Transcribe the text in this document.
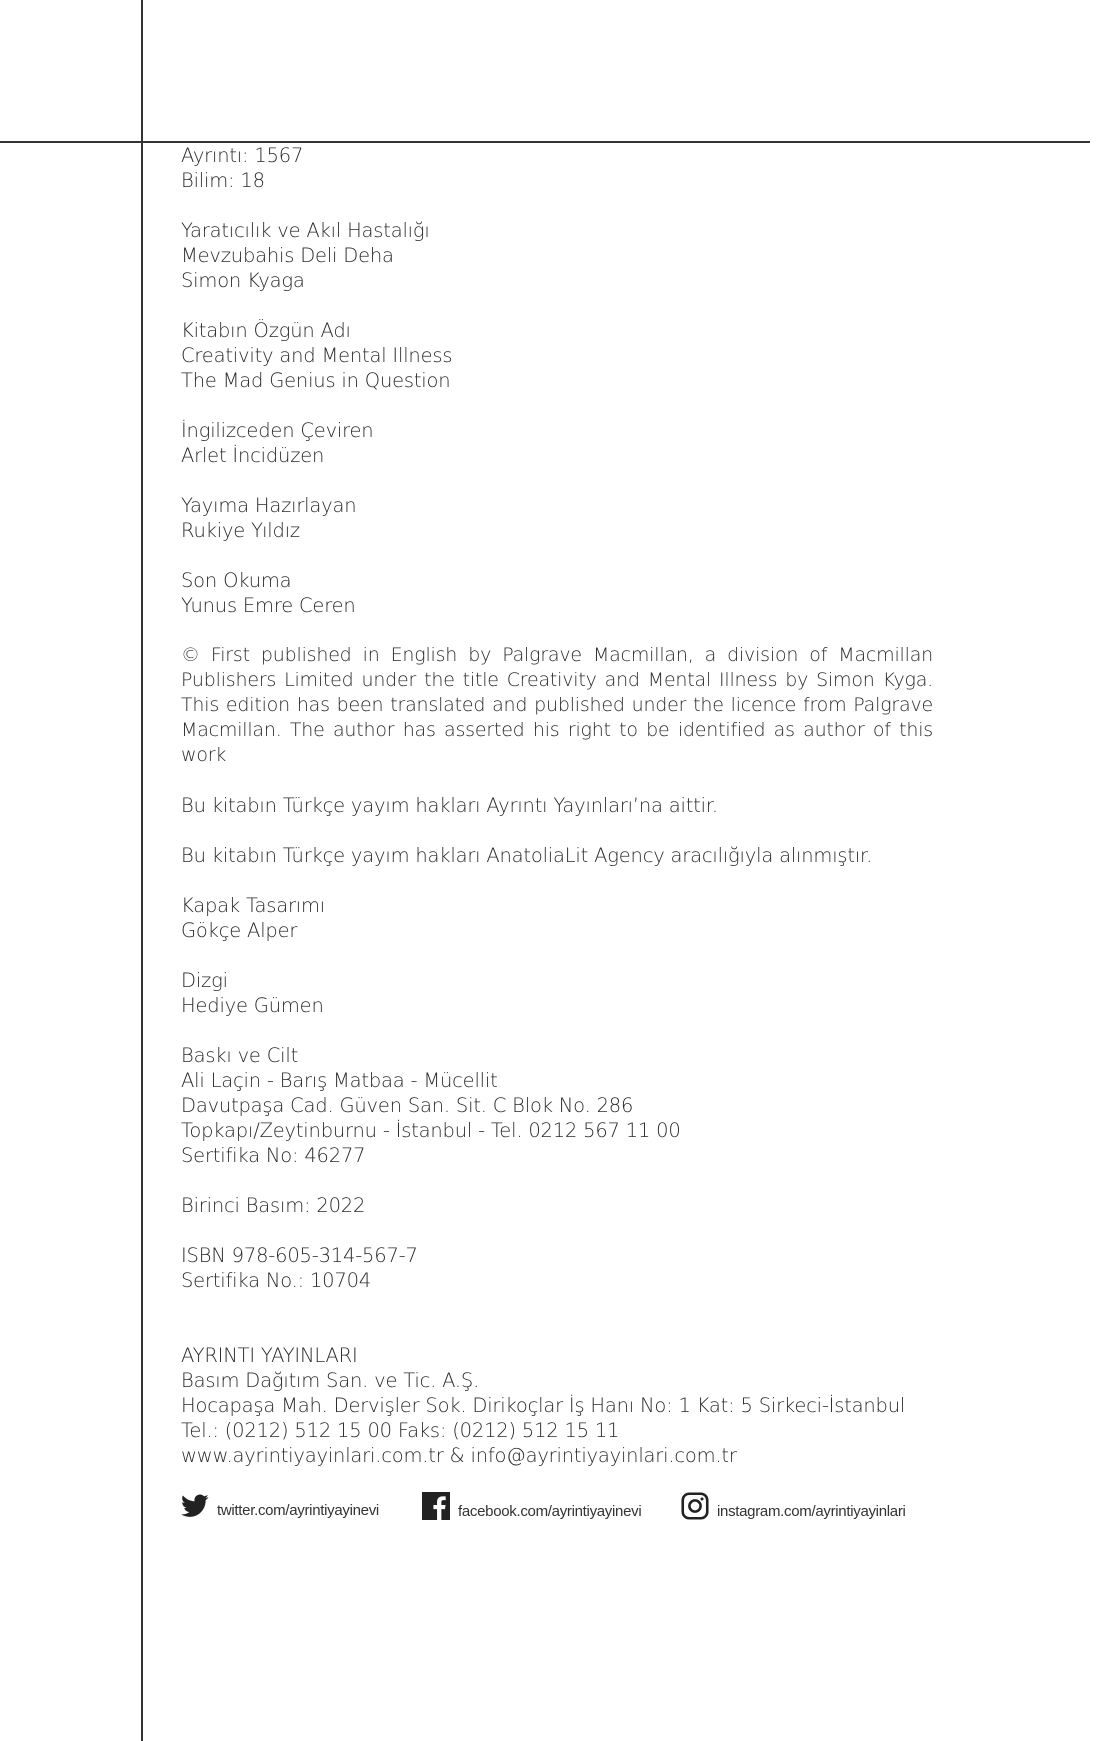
Ayrıntı: 1567

Bilim: 18

Yaratıcılık ve Akıl Hastalığı

Mevzubahis Deli Deha

Simon Kyaga

Kitabın Özgün Adı

Creativity and Mental Illness

The Mad Genius in Question

İngilizceden Çeviren

Arlet İncidüzen

Yayıma Hazırlayan

Rukiye Yıldız

Son Okuma

Yunus Emre Ceren

© First published in English by Palgrave Macmillan, a division of Macmillan Publishers Limited under the title Creativity and Mental Illness by Simon Kyga. This edition has been translated and published under the licence from Palgrave Macmillan. The author has asserted his right to be identified as author of this work

Bu kitabın Türkçe yayım hakları Ayrıntı Yayınları’na aittir.

Bu kitabın Türkçe yayım hakları AnatoliaLit Agency aracılığıyla alınmıştır.

Kapak Tasarımı

Gökçe Alper

Dizgi

Hediye Gümen

Baskı ve Cilt

Ali Laçin - Barış Matbaa - Mücellit

Davutpaşa Cad. Güven San. Sit. C Blok No. 286

Topkapı/Zeytinburnu - İstanbul - Tel. 0212 567 11 00

Sertifika No: 46277

Birinci Basım: 2022

ISBN 978-605-314-567-7

Sertifika No.: 10704

AYRINTI YAYINLARI

Basım Dağıtım San. ve Tic. A.Ş.

Hocapaşa Mah. Dervişler Sok. Dirikoçlar İş Hanı No: 1 Kat: 5 Sirkeci-İstanbul

Tel.: (0212) 512 15 00 Faks: (0212) 512 15 11

www.ayrintiyayinlari.com.tr & info@ayrintiyayinlari.com.tr

twitter.com/ayrintiyayinevi	facebook.com/ayrintiyayinevi	instagram.com/ayrintiyayinlari
